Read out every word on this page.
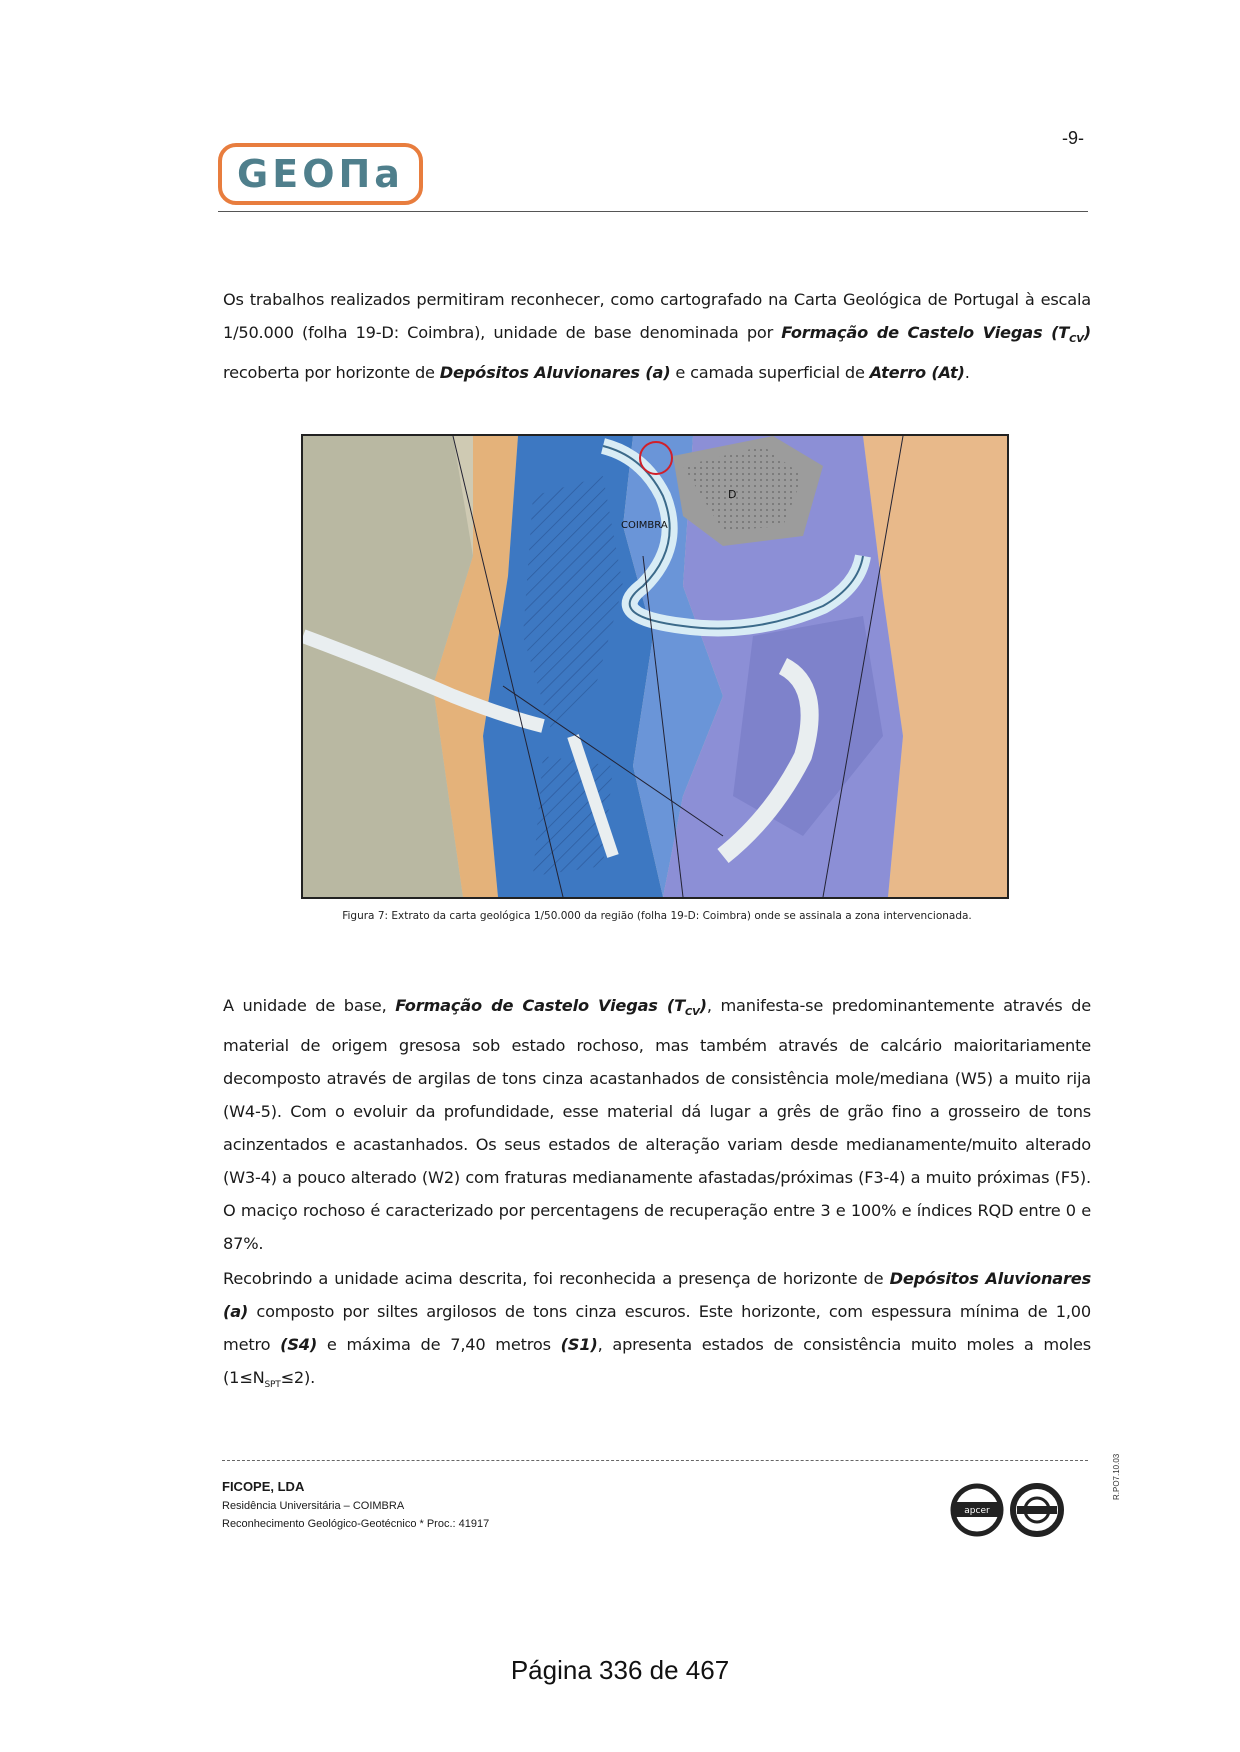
GEOΠa
-9-
Os trabalhos realizados permitiram reconhecer, como cartografado na Carta Geológica de Portugal à escala 1/50.000 (folha 19-D: Coimbra), unidade de base denominada por Formação de Castelo Viegas $(T_{CV})$ recoberta por horizonte de Depósitos Aluvionares (a) e camada superficial de Aterro (At).
COIMBRA
D
Figura 7: Extrato da carta geológica 1/50.000 da região (folha 19-D: Coimbra) onde se assinala a zona intervencionada.
A unidade de base, Formação de Castelo Viegas $(T_{CV})$, manifesta-se predominantemente através de material de origem gresosa sob estado rochoso, mas também através de calcário maioritariamente decomposto através de argilas de tons cinza acastanhados de consistência mole/mediana (W5) a muito rija (W4-5). Com o evoluir da profundidade, esse material dá lugar a grês de grão fino a grosseiro de tons acinzentados e acastanhados. Os seus estados de alteração variam desde medianamente/muito alterado (W3-4) a pouco alterado (W2) com fraturas medianamente afastadas/próximas (F3-4) a muito próximas (F5). O maciço rochoso é caracterizado por percentagens de recuperação entre 3 e 100% e índices RQD entre 0 e 87%.
Recobrindo a unidade acima descrita, foi reconhecida a presença de horizonte de Depósitos Aluvionares (a) composto por siltes argilosos de tons cinza escuros. Este horizonte, com espessura mínima de 1,00 metro (S4) e máxima de 7,40 metros (S1), apresenta estados de consistência muito moles a moles $(1\le N_{SPT}\le 2)$.
FICOPE, LDA
Residência Universitária – COIMBRA
Reconhecimento Geológico-Geotécnico * Proc.: 41917
apcer
R.PO7.10.03
Página 336 de 467
